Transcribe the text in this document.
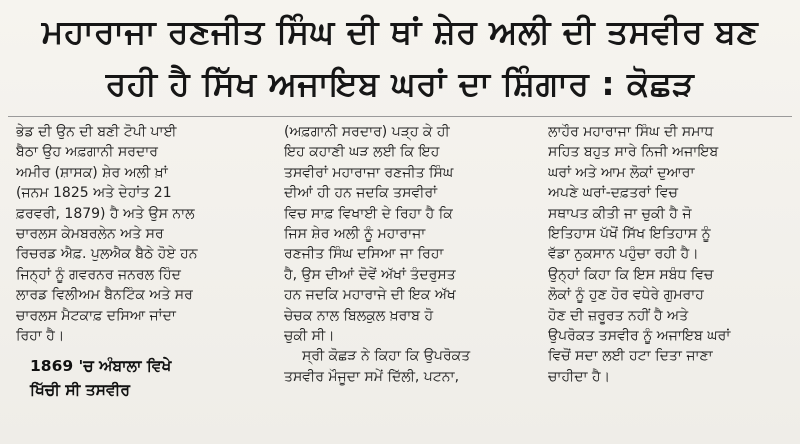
ਮਹਾਰਾਜਾ ਰਣਜੀਤ ਸਿੰਘ ਦੀ ਥਾਂ ਸ਼ੇਰ ਅਲੀ ਦੀ ਤਸਵੀਰ ਬਣ
ਰਹੀ ਹੈ ਸਿੱਖ ਅਜਾਇਬ ਘਰਾਂ ਦਾ ਸ਼ਿੰਗਾਰ : ਕੋਛੜ
ਭੇਡ ਦੀ ਉਨ ਦੀ ਬਣੀ ਟੋਪੀ ਪਾਈ
ਬੈਠਾ ਉਹ ਅਫ਼ਗਾਨੀ ਸਰਦਾਰ
ਅਮੀਰ (ਸ਼ਾਸਕ) ਸ਼ੇਰ ਅਲੀ ਖ਼ਾਂ
(ਜਨਮ 1825 ਅਤੇ ਦੇਹਾਂਤ 21
ਫ਼ਰਵਰੀ, 1879) ਹੈ ਅਤੇ ਉਸ ਨਾਲ
ਚਾਰਲਸ ਕੇਮਬਰਲੇਨ ਅਤੇ ਸਰ
ਰਿਚਰਡ ਐਫ਼. ਪੁਲਐਕ ਬੈਠੇ ਹੋਏ ਹਨ
ਜਿਨ੍ਹਾਂ ਨੂੰ ਗਵਰਨਰ ਜਨਰਲ ਹਿੰਦ
ਲਾਰਡ ਵਿਲੀਅਮ ਬੈਨਟਿੰਕ ਅਤੇ ਸਰ
ਚਾਰਲਸ ਮੈਟਕਾਫ਼ ਦਸਿਆ ਜਾਂਦਾ
ਰਿਹਾ ਹੈ।
1869 'ਚ ਅੰਬਾਲਾ ਵਿਖੇ
ਖਿੱਚੀ ਸੀ ਤਸਵੀਰ
(ਅਫ਼ਗਾਨੀ ਸਰਦਾਰ) ਪੜ੍ਹ ਕੇ ਹੀ
ਇਹ ਕਹਾਣੀ ਘੜ ਲਈ ਕਿ ਇਹ
ਤਸਵੀਰਾਂ ਮਹਾਰਾਜਾ ਰਣਜੀਤ ਸਿੰਘ
ਦੀਆਂ ਹੀ ਹਨ ਜਦਕਿ ਤਸਵੀਰਾਂ
ਵਿਚ ਸਾਫ਼ ਵਿਖਾਈ ਦੇ ਰਿਹਾ ਹੈ ਕਿ
ਜਿਸ ਸ਼ੇਰ ਅਲੀ ਨੂੰ ਮਹਾਰਾਜਾ
ਰਣਜੀਤ ਸਿੰਘ ਦਸਿਆ ਜਾ ਰਿਹਾ
ਹੈ, ਉਸ ਦੀਆਂ ਦੋਵੇਂ ਅੱਖਾਂ ਤੰਦਰੁਸਤ
ਹਨ ਜਦਕਿ ਮਹਾਰਾਜੇ ਦੀ ਇਕ ਅੱਖ
ਚੇਚਕ ਨਾਲ ਬਿਲਕੁਲ ਖ਼ਰਾਬ ਹੋ
ਚੁਕੀ ਸੀ।
ਸ੍ਰੀ ਕੋਛੜ ਨੇ ਕਿਹਾ ਕਿ ਉਪਰੋਕਤ
ਤਸਵੀਰ ਮੌਜੂਦਾ ਸਮੇਂ ਦਿੱਲੀ, ਪਟਨਾ,
ਲਾਹੌਰ ਮਹਾਰਾਜਾ ਸਿੰਘ ਦੀ ਸਮਾਧ
ਸਹਿਤ ਬਹੁਤ ਸਾਰੇ ਨਿਜੀ ਅਜਾਇਬ
ਘਰਾਂ ਅਤੇ ਆਮ ਲੋਕਾਂ ਦੁਆਰਾ
ਅਪਣੇ ਘਰਾਂ-ਦਫ਼ਤਰਾਂ ਵਿਚ
ਸਥਾਪਤ ਕੀਤੀ ਜਾ ਚੁਕੀ ਹੈ ਜੋ
ਇਤਿਹਾਸ ਪੱਖੋਂ ਸਿੱਖ ਇਤਿਹਾਸ ਨੂੰ
ਵੱਡਾ ਨੁਕਸਾਨ ਪਹੁੰਚਾ ਰਹੀ ਹੈ।
ਉਨ੍ਹਾਂ ਕਿਹਾ ਕਿ ਇਸ ਸਬੰਧ ਵਿਚ
ਲੋਕਾਂ ਨੂੰ ਹੁਣ ਹੋਰ ਵਧੇਰੇ ਗੁਮਰਾਹ
ਹੋਣ ਦੀ ਜ਼ਰੂਰਤ ਨਹੀਂ ਹੈ ਅਤੇ
ਉਪਰੋਕਤ ਤਸਵੀਰ ਨੂੰ ਅਜਾਇਬ ਘਰਾਂ
ਵਿਚੋਂ ਸਦਾ ਲਈ ਹਟਾ ਦਿਤਾ ਜਾਣਾ
ਚਾਹੀਦਾ ਹੈ।
